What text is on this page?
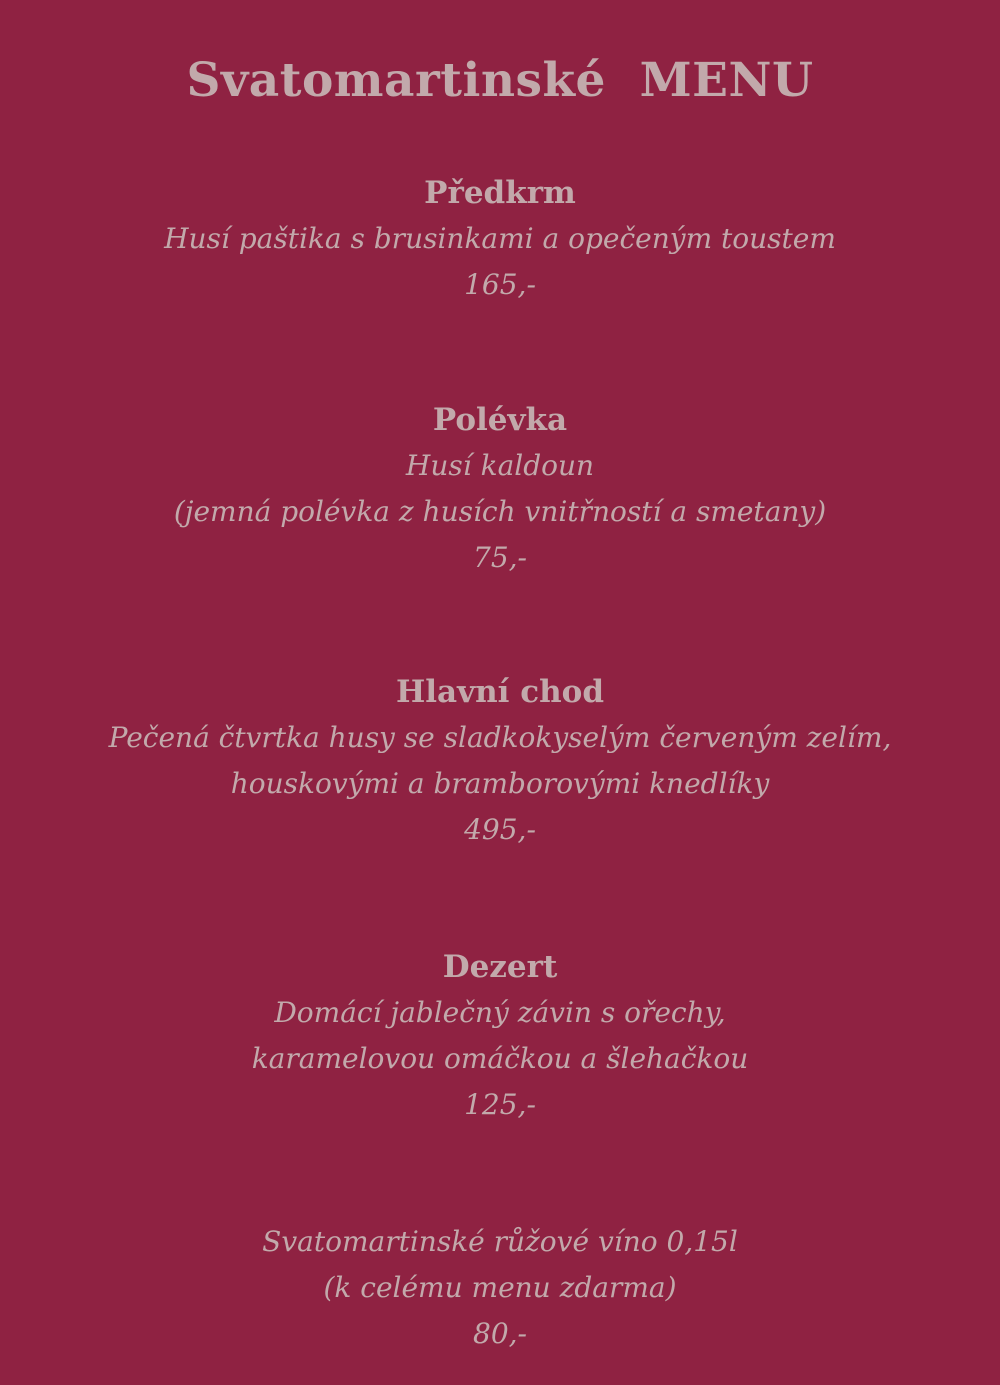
Svatomartinské  MENU
Předkrm
Husí paštika s brusinkami a opečeným toustem
165,-
Polévka
Husí kaldoun
(jemná polévka z husích vnitřností a smetany)
75,-
Hlavní chod
Pečená čtvrtka husy se sladkokyselým červeným zelím,
houskovými a bramborovými knedlíky
495,-
Dezert
Domácí jablečný závin s ořechy,
karamelovou omáčkou a šlehačkou
125,-
Svatomartinské růžové víno 0,15l
(k celému menu zdarma)
80,-
